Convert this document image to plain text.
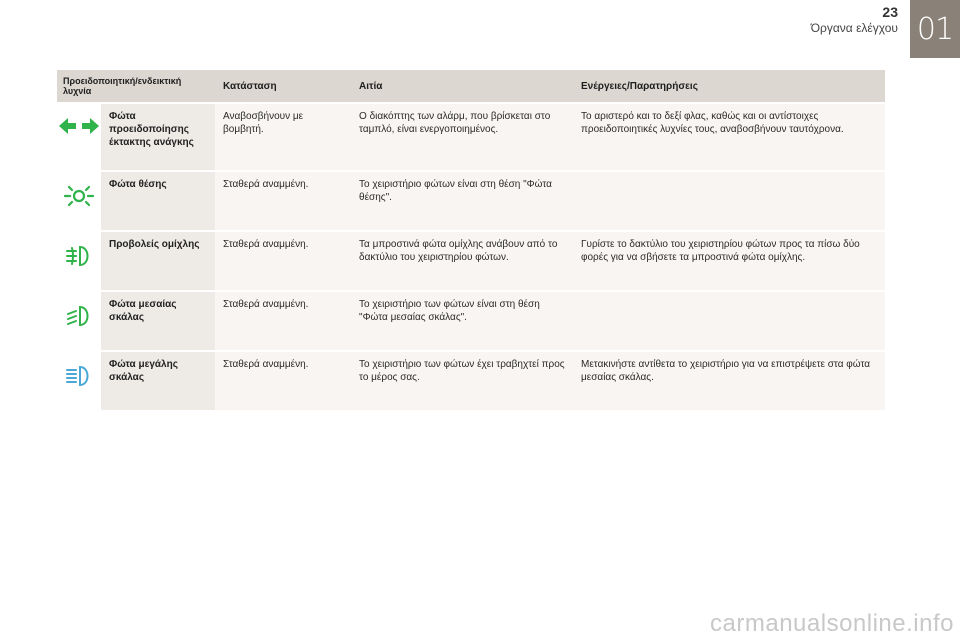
23
Όργανα ελέγχου 01
Προειδοποιητική/ενδεικτική λυχνία		Κατάσταση	Αιτία	Ενέργειες/Παρατηρήσεις

	Φώτα προειδοποίησης έκτακτης ανάγκης	Αναβοσβήνουν με βομβητή.	Ο διακόπτης των αλάρμ, που βρίσκεται στο ταμπλό, είναι ενεργοποιημένος.	Το αριστερό και το δεξί φλας, καθώς και οι αντίστοιχες προειδοποιητικές λυχνίες τους, αναβοσβήνουν ταυτόχρονα.

	Φώτα θέσης	Σταθερά αναμμένη.	Το χειριστήριο φώτων είναι στη θέση "Φώτα θέσης".	

	Προβολείς ομίχλης	Σταθερά αναμμένη.	Τα μπροστινά φώτα ομίχλης ανάβουν από το δακτύλιο του χειριστηρίου φώτων.	Γυρίστε το δακτύλιο του χειριστηρίου φώτων προς τα πίσω δύο φορές για να σβήσετε τα μπροστινά φώτα ομίχλης.

	Φώτα μεσαίας σκάλας	Σταθερά αναμμένη.	Το χειριστήριο των φώτων είναι στη θέση "Φώτα μεσαίας σκάλας".	

	Φώτα μεγάλης σκάλας	Σταθερά αναμμένη.	Το χειριστήριο των φώτων έχει τραβηχτεί προς το μέρος σας.	Μετακινήστε αντίθετα το χειριστήριο για να επιστρέψετε στα φώτα μεσαίας σκάλας.
carmanualsonline.info
